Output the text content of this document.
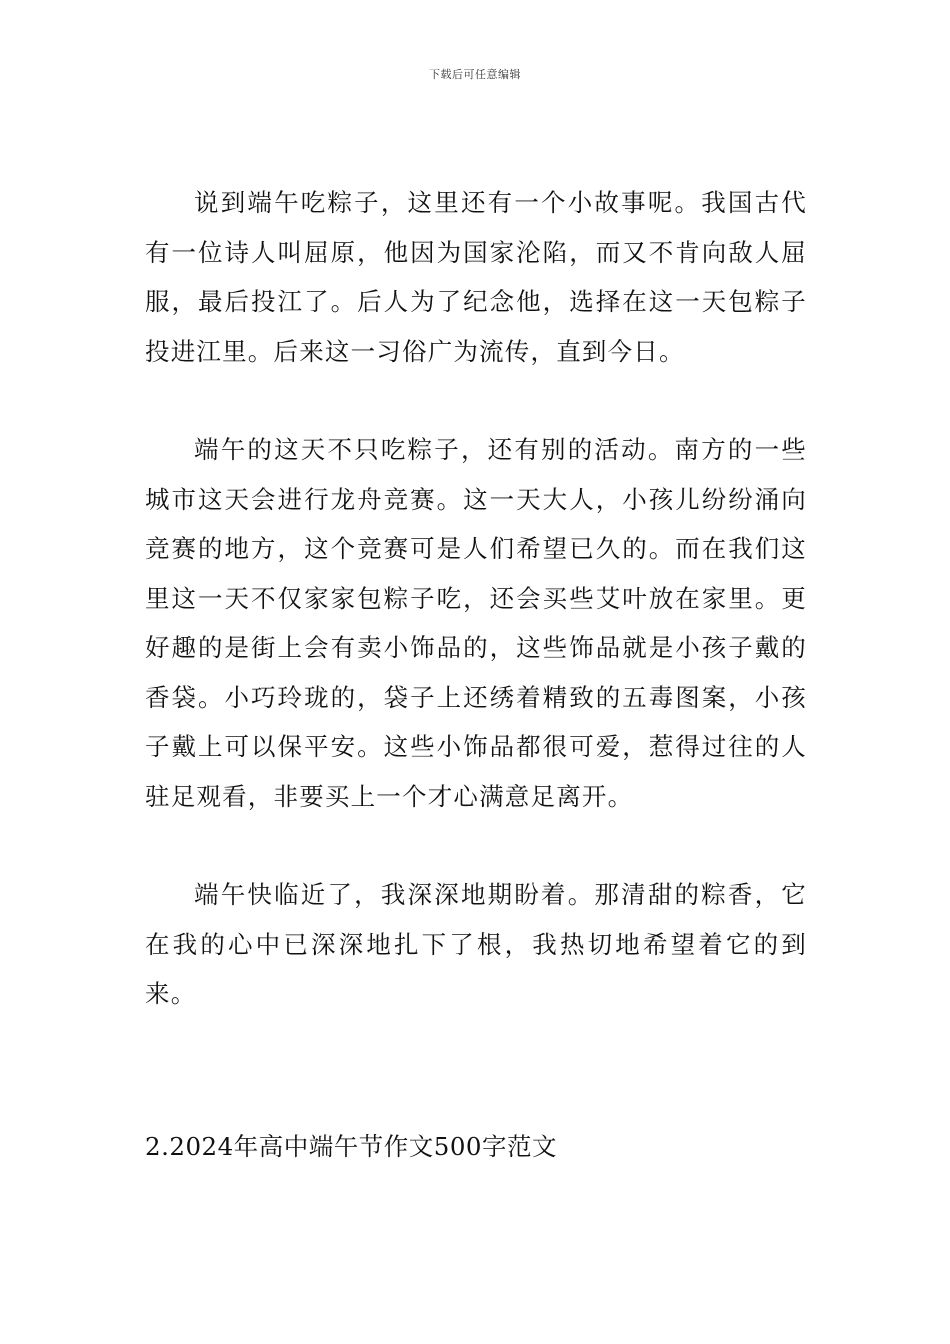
下载后可任意编辑

说到端午吃粽子，这里还有一个小故事呢。我国古代有一位诗人叫屈原，他因为国家沦陷，而又不肯向敌人屈服，最后投江了。后人为了纪念他，选择在这一天包粽子投进江里。后来这一习俗广为流传，直到今日。

端午的这天不只吃粽子，还有别的活动。南方的一些城市这天会进行龙舟竞赛。这一天大人，小孩儿纷纷涌向竞赛的地方，这个竞赛可是人们希望已久的。而在我们这里这一天不仅家家包粽子吃，还会买些艾叶放在家里。更好趣的是街上会有卖小饰品的，这些饰品就是小孩子戴的香袋。小巧玲珑的，袋子上还绣着精致的五毒图案，小孩子戴上可以保平安。这些小饰品都很可爱，惹得过往的人驻足观看，非要买上一个才心满意足离开。

端午快临近了，我深深地期盼着。那清甜的粽香，它在我的心中已深深地扎下了根，我热切地希望着它的到来。

2.2024年高中端午节作文500字范文
